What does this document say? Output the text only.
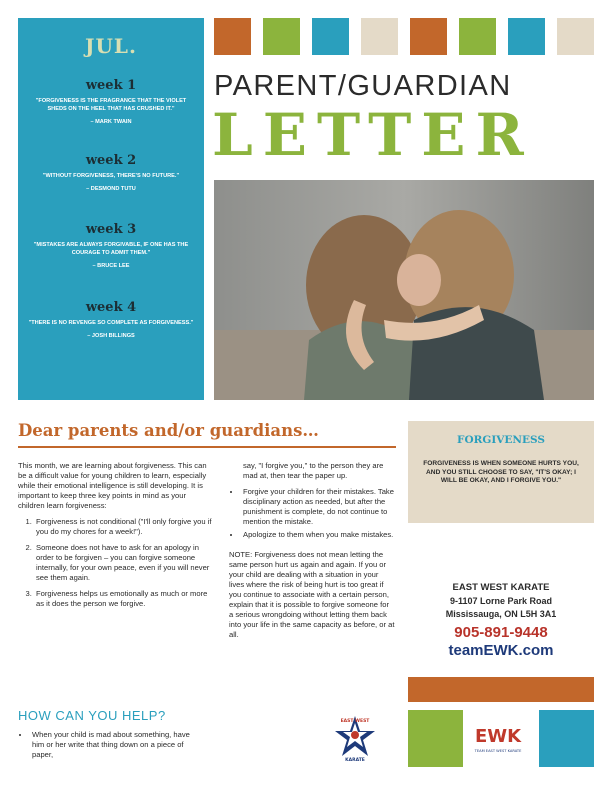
JUL.
week 1
"FORGIVENESS IS THE FRAGRANCE THAT THE VIOLET SHEDS ON THE HEEL THAT HAS CRUSHED IT."
– MARK TWAIN
week 2
"WITHOUT FORGIVENESS, THERE'S NO FUTURE."
– DESMOND TUTU
week 3
"MISTAKES ARE ALWAYS FORGIVABLE, IF ONE HAS THE COURAGE TO ADMIT THEM."
– BRUCE LEE
week 4
"THERE IS NO REVENGE SO COMPLETE AS FORGIVENESS."
– JOSH BILLINGS
PARENT/GUARDIAN
LETTER
Dear parents and/or guardians…

This month, we are learning about forgiveness. This can be a difficult value for young children to learn, especially while their emotional intelligence is still developing. It is important to keep three key points in mind as your children learn forgiveness:

1. Forgiveness is not conditional ("I'll only forgive you if you do my chores for a week!").
2. Someone does not have to ask for an apology in order to be forgiven – you can forgive someone internally, for your own peace, even if you will never see them again.
3. Forgiveness helps us emotionally as much or more as it does the person we forgive.
HOW CAN YOU HELP?
• When your child is mad about something, have him or her write that thing down on a piece of paper,

say, "I forgive you," to the person they are mad at, then tear the paper up.

• Forgive your children for their mistakes. Take disciplinary action as needed, but after the punishment is complete, do not continue to mention the mistake.
• Apologize to them when you make mistakes.

NOTE: Forgiveness does not mean letting the same person hurt us again and again. If you or your child are dealing with a situation in your lives where the risk of being hurt is too great if you continue to associate with a certain person, explain that it is possible to forgive someone for a serious wrongdoing without letting them back into your life in the same capacity as before, or at all.

FORGIVENESS
FORGIVENESS IS WHEN SOMEONE HURTS YOU, AND YOU STILL CHOOSE TO SAY, "IT'S OKAY; I WILL BE OKAY, AND I FORGIVE YOU."
EAST WEST KARATE
9-1107 Lorne Park Road
Mississauga, ON L5H 3A1
905-891-9448
teamEWK.com
EWK
TEAM EAST WEST KARATE
EAST WEST
KARATE
